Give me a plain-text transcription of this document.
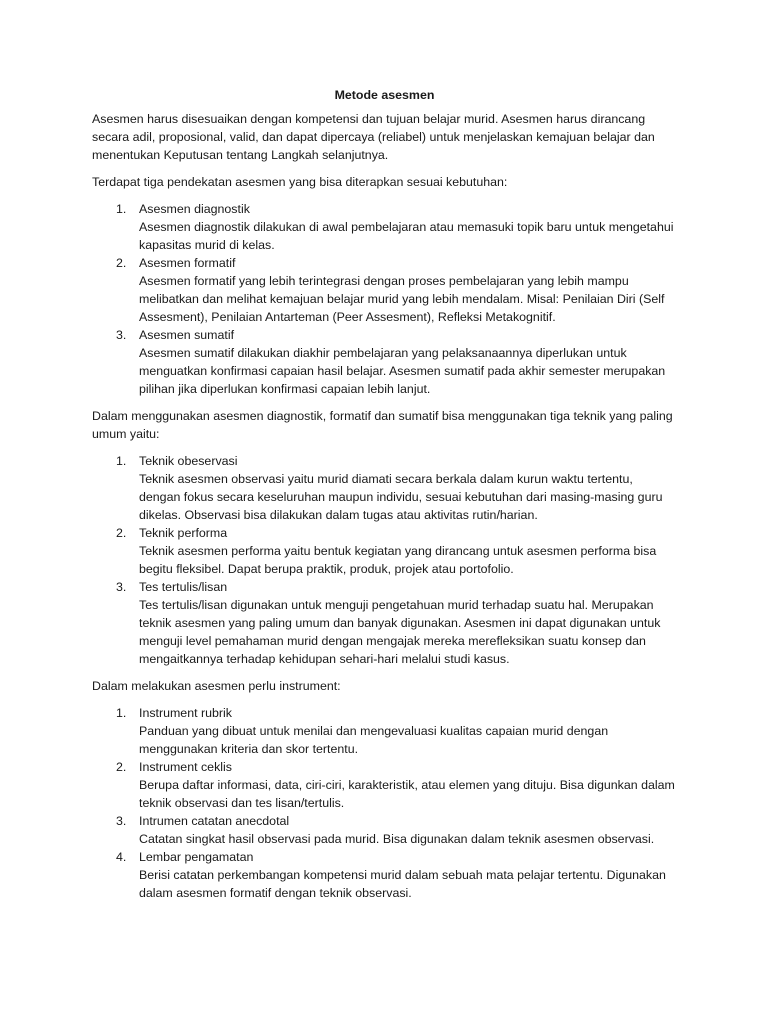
Metode asesmen

Asesmen harus disesuaikan dengan kompetensi dan tujuan belajar murid. Asesmen harus dirancang secara adil, proposional, valid, dan dapat dipercaya (reliabel) untuk menjelaskan kemajuan belajar dan menentukan Keputusan tentang Langkah selanjutnya.

Terdapat tiga pendekatan asesmen yang bisa diterapkan sesuai kebutuhan:

1. Asesmen diagnostik
Asesmen diagnostik dilakukan di awal pembelajaran atau memasuki topik baru untuk mengetahui kapasitas murid di kelas.
2. Asesmen formatif
Asesmen formatif yang lebih terintegrasi dengan proses pembelajaran yang lebih mampu melibatkan dan melihat kemajuan belajar murid yang lebih mendalam. Misal: Penilaian Diri (Self Assesment), Penilaian Antarteman (Peer Assesment), Refleksi Metakognitif.
3. Asesmen sumatif
Asesmen sumatif dilakukan diakhir pembelajaran yang pelaksanaannya diperlukan untuk menguatkan konfirmasi capaian hasil belajar. Asesmen sumatif pada akhir semester merupakan pilihan jika diperlukan konfirmasi capaian lebih lanjut.

Dalam menggunakan asesmen diagnostik, formatif dan sumatif bisa menggunakan tiga teknik yang paling umum yaitu:

1. Teknik obeservasi
Teknik asesmen observasi yaitu murid diamati secara berkala dalam kurun waktu tertentu, dengan fokus secara keseluruhan maupun individu, sesuai kebutuhan dari masing-masing guru dikelas. Observasi bisa dilakukan dalam tugas atau aktivitas rutin/harian.
2. Teknik performa
Teknik asesmen performa yaitu bentuk kegiatan yang dirancang untuk asesmen performa bisa begitu fleksibel. Dapat berupa praktik, produk, projek atau portofolio.
3. Tes tertulis/lisan
Tes tertulis/lisan digunakan untuk menguji pengetahuan murid terhadap suatu hal. Merupakan teknik asesmen yang paling umum dan banyak digunakan. Asesmen ini dapat digunakan untuk menguji level pemahaman murid dengan mengajak mereka merefleksikan suatu konsep dan mengaitkannya terhadap kehidupan sehari-hari melalui studi kasus.

Dalam melakukan asesmen perlu instrument:

1. Instrument rubrik
Panduan yang dibuat untuk menilai dan mengevaluasi kualitas capaian murid dengan menggunakan kriteria dan skor tertentu.
2. Instrument ceklis
Berupa daftar informasi, data, ciri-ciri, karakteristik, atau elemen yang dituju. Bisa digunkan dalam teknik observasi dan tes lisan/tertulis.
3. Intrumen catatan anecdotal
Catatan singkat hasil observasi pada murid. Bisa digunakan dalam teknik asesmen observasi.
4. Lembar pengamatan
Berisi catatan perkembangan kompetensi murid dalam sebuah mata pelajar tertentu. Digunakan dalam asesmen formatif dengan teknik observasi.
